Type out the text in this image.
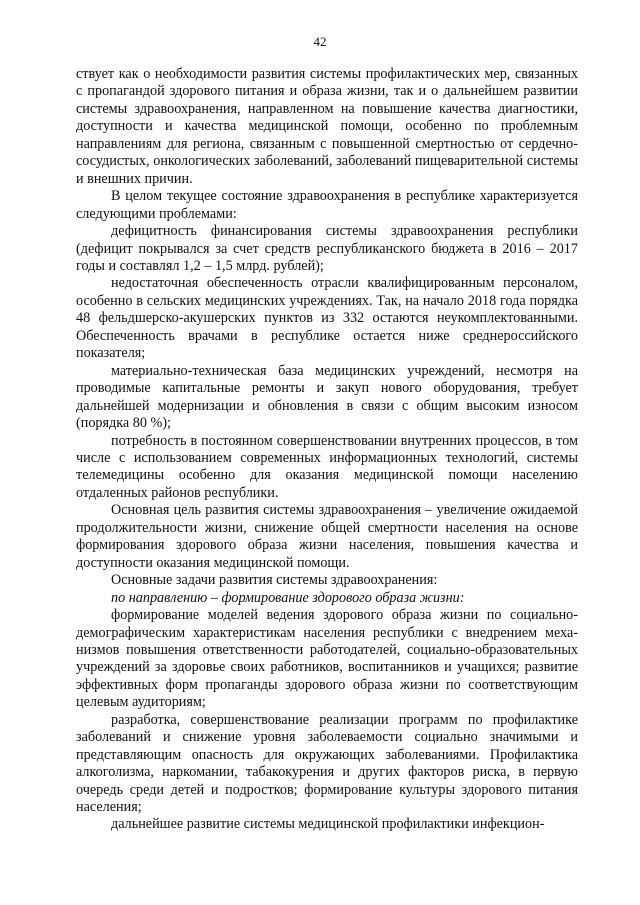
42

ствует как о необходимости развития системы профилактических мер, связанных с пропагандой здорового питания и образа жизни, так и о дальнейшем развитии системы здравоохранения, направленном на повышение качества диагностики, доступности и качества медицинской помощи, особенно по проблемным направлениям для региона, связанным с повышенной смертностью от сердечно-сосудистых, онкологических заболеваний, заболеваний пищеварительной системы и внешних причин.

В целом текущее состояние здравоохранения в республике характеризуется следующими проблемами:

дефицитность финансирования системы здравоохранения республики (дефицит покрывался за счет средств республиканского бюджета в 2016 – 2017 годы и составлял 1,2 – 1,5 млрд. рублей);

недостаточная обеспеченность отрасли квалифицированным персоналом, особенно в сельских медицинских учреждениях. Так, на начало 2018 года порядка 48 фельдшерско-акушерских пунктов из 332 остаются неукомплектованными. Обеспеченность врачами в республике остается ниже среднероссийского показателя;

материально-техническая база медицинских учреждений, несмотря на проводимые капитальные ремонты и закуп нового оборудования, требует дальнейшей модернизации и обновления в связи с общим высоким износом (порядка 80 %);

потребность в постоянном совершенствовании внутренних процессов, в том числе с использованием современных информационных технологий, системы телемедицины особенно для оказания медицинской помощи населению отдаленных районов республики.

Основная цель развития системы здравоохранения – увеличение ожидаемой продолжительности жизни, снижение общей смертности населения на основе формирования здорового образа жизни населения, повышения качества и доступности оказания медицинской помощи.

Основные задачи развития системы здравоохранения:

по направлению – формирование здорового образа жизни:

формирование моделей ведения здорового образа жизни по социально-демографическим характеристикам населения республики с внедрением механизмов повышения ответственности работодателей, социально-образовательных учреждений за здоровье своих работников, воспитанников и учащихся; развитие эффективных форм пропаганды здорового образа жизни по соответствующим целевым аудиториям;

разработка, совершенствование реализации программ по профилактике заболеваний и снижение уровня заболеваемости социально значимыми и представляющим опасность для окружающих заболеваниями. Профилактика алкоголизма, наркомании, табакокурения и других факторов риска, в первую очередь среди детей и подростков; формирование культуры здорового питания населения;

дальнейшее развитие системы медицинской профилактики инфекцион-
